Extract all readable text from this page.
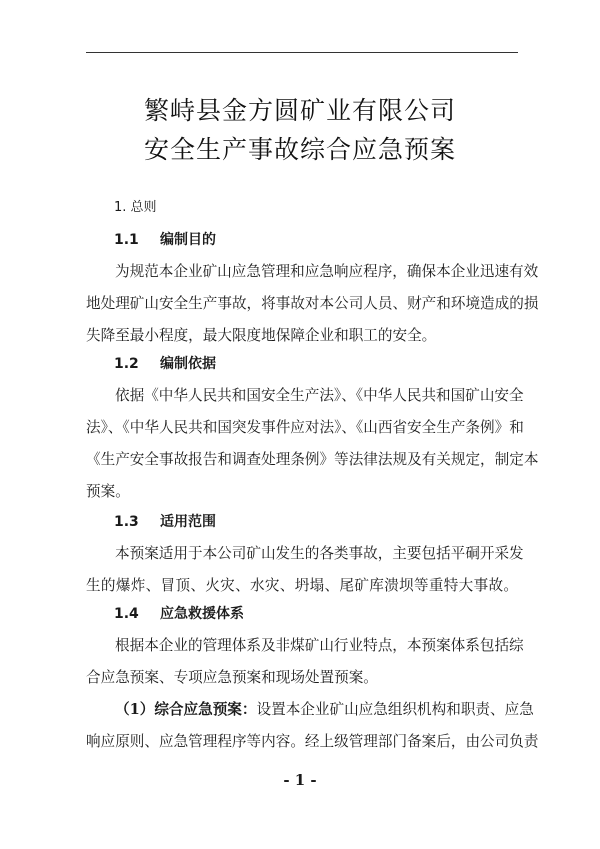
繁峙县金方圆矿业有限公司
安全生产事故综合应急预案
1. 总则
1.1 编制目的
为规范本企业矿山应急管理和应急响应程序，确保本企业迅速有效
地处理矿山安全生产事故，将事故对本公司人员、财产和环境造成的损
失降至最小程度，最大限度地保障企业和职工的安全。
1.2 编制依据
依据《中华人民共和国安全生产法》、《中华人民共和国矿山安全
法》、《中华人民共和国突发事件应对法》、《山西省安全生产条例》和
《生产安全事故报告和调查处理条例》等法律法规及有关规定，制定本
预案。
1.3 适用范围
本预案适用于本公司矿山发生的各类事故，主要包括平硐开采发
生的爆炸、冒顶、火灾、水灾、坍塌、尾矿库溃坝等重特大事故。
1.4 应急救援体系
根据本企业的管理体系及非煤矿山行业特点，本预案体系包括综
合应急预案、专项应急预案和现场处置预案。
（1）综合应急预案：设置本企业矿山应急组织机构和职责、应急
响应原则、应急管理程序等内容。经上级管理部门备案后，由公司负责
- 1 -
